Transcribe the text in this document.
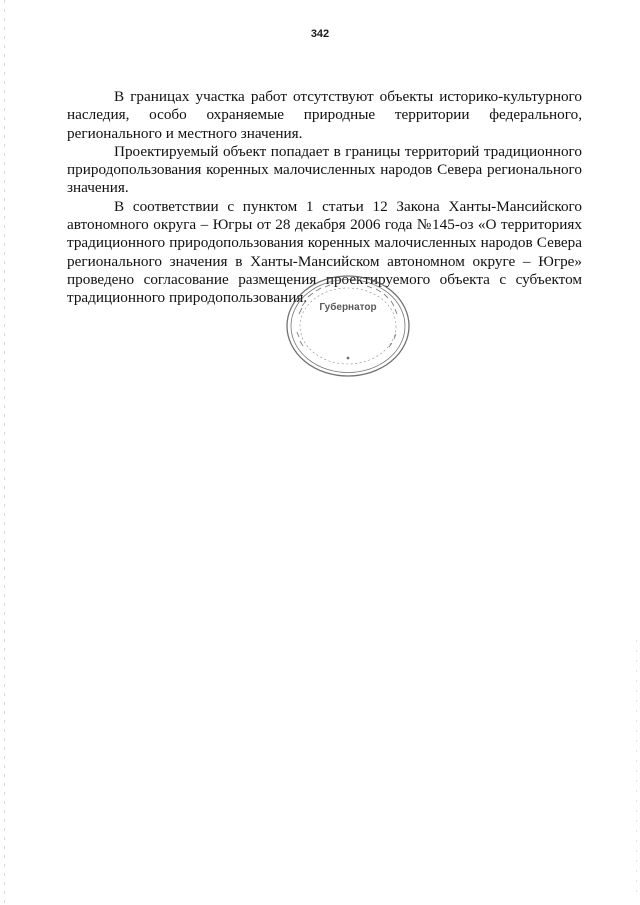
342

В границах участка работ отсутствуют объекты историко-культурного наследия, особо охраняемые природные территории федерального, регионального и местного значения.

Проектируемый объект попадает в границы территорий традиционного природопользования коренных малочисленных народов Севера регионального значения.

В соответствии с пунктом 1 статьи 12 Закона Ханты-Мансийского автономного округа – Югры от 28 декабря 2006 года №145-оз «О территориях традиционного природопользования коренных малочисленных народов Севера регионального значения в Ханты-Мансийском автономном округе – Югре» проведено согласование размещения проектируемого объекта с субъектом традиционного природопользования.

Губернатор
